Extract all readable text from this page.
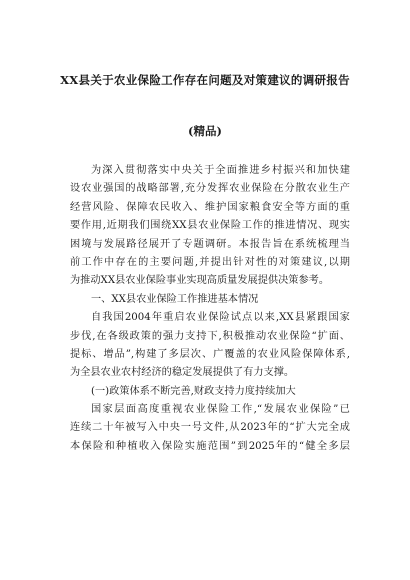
XX县关于农业保险工作存在问题及对策建议的调研报告
(精品)
为深入贯彻落实中央关于全面推进乡村振兴和加快建
设农业强国的战略部署,充分发挥农业保险在分散农业生产
经营风险、保障农民收入、维护国家粮食安全等方面的重
要作用,近期我们围绕XX县农业保险工作的推进情况、现实
困境与发展路径展开了专题调研。本报告旨在系统梳理当
前工作中存在的主要问题,并提出针对性的对策建议,以期
为推动XX县农业保险事业实现高质量发展提供决策参考。
一、XX县农业保险工作推进基本情况
自我国2004年重启农业保险试点以来,XX县紧跟国家
步伐,在各级政策的强力支持下,积极推动农业保险“扩面、
提标、增品”,构建了多层次、广覆盖的农业风险保障体系,
为全县农业农村经济的稳定发展提供了有力支撑。
(一)政策体系不断完善,财政支持力度持续加大
国家层面高度重视农业保险工作,“发展农业保险”已
连续二十年被写入中央一号文件,从2023年的“扩大完全成
本保险和种植收入保险实施范围”到2025年的“健全多层
